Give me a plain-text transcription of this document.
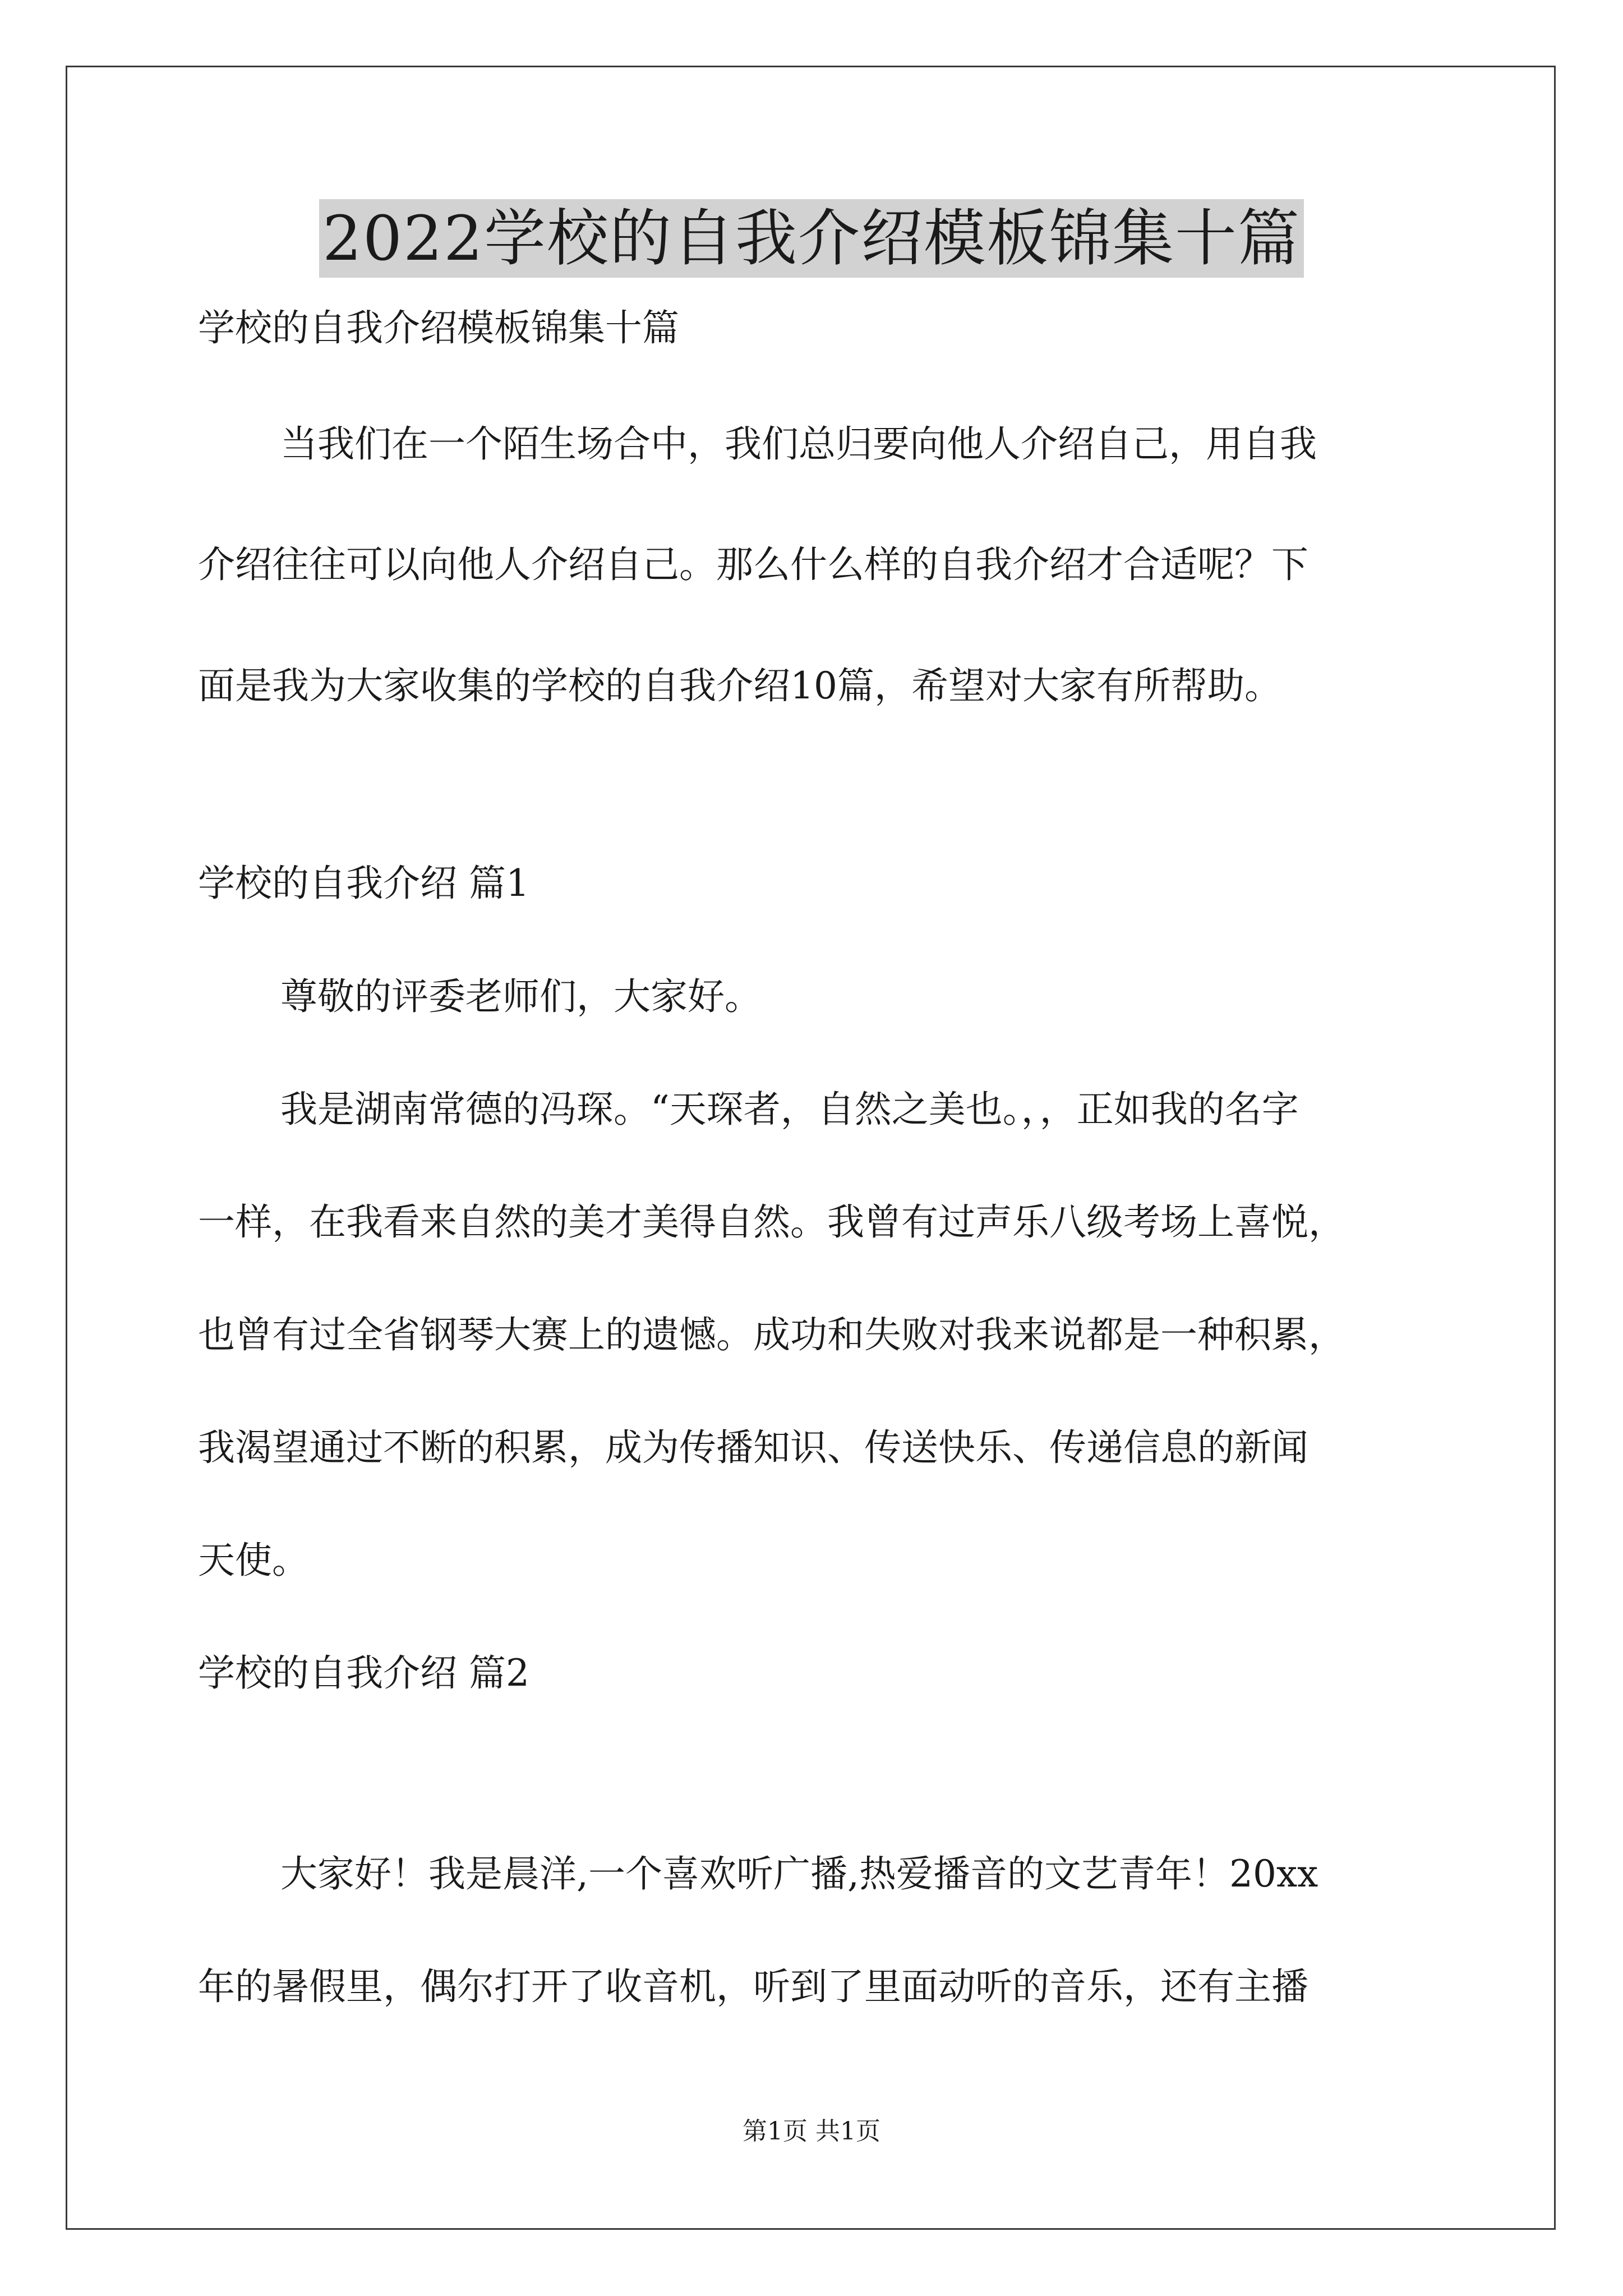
2022学校的自我介绍模板锦集十篇
学校的自我介绍模板锦集十篇
当我们在一个陌生场合中，我们总归要向他人介绍自己，用自我
介绍往往可以向他人介绍自己。那么什么样的自我介绍才合适呢？下
面是我为大家收集的学校的自我介绍10篇，希望对大家有所帮助。
学校的自我介绍 篇1
尊敬的评委老师们，大家好。
我是湖南常德的冯琛。“天琛者，自然之美也。，，正如我的名字
一样，在我看来自然的美才美得自然。我曾有过声乐八级考场上喜悦，
也曾有过全省钢琴大赛上的遗憾。成功和失败对我来说都是一种积累，
我渴望通过不断的积累，成为传播知识、传送快乐、传递信息的新闻
天使。
学校的自我介绍 篇2
大家好！我是晨洋,一个喜欢听广播,热爱播音的文艺青年！20xx
年的暑假里，偶尔打开了收音机，听到了里面动听的音乐，还有主播
第1页 共1页
